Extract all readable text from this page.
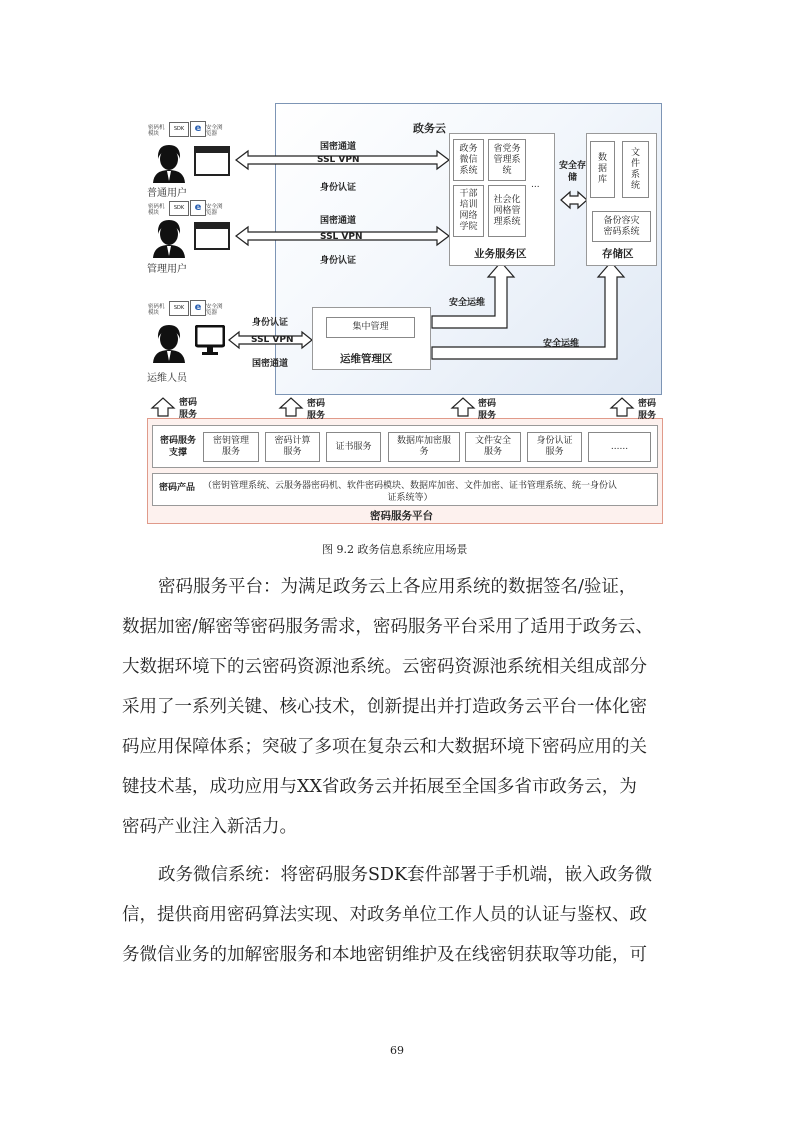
政务云
密码机
模块
SDK	e 安全浏
览器
普通用户
密码机
模块
SDK	e 安全浏
览器
管理用户
密码机
模块
SDK	e 安全浏
览器
运维人员
国密通道
SSL VPN
身份认证
国密通道
SSL VPN
身份认证
身份认证
SSL VPN
国密通道
政务
微信
系统
省党务
管理系
统
干部
培训
网络
学院
社会化
网格管
理系统
...
业务服务区
安全存
储
数
据
库
文
件
系
统
备份容灾
密码系统
存储区
集中管理
运维管理区
安全运维
安全运维
密码
服务
密码
服务
密码
服务
密码
服务
密码服务
支撑
密钥管理
服务
密码计算
服务
证书服务
数据库加密服
务
文件安全
服务
身份认证
服务
......
密码产品 （密钥管理系统、云服务器密码机、软件密码模块、数据库加密、文件加密、证书管理系统、统一身份认
证系统等）
密码服务平台
图 9.2 政务信息系统应用场景
密码服务平台：为满足政务云上各应用系统的数据签名/验证，
数据加密/解密等密码服务需求，密码服务平台采用了适用于政务云、
大数据环境下的云密码资源池系统。云密码资源池系统相关组成部分
采用了一系列关键、核心技术，创新提出并打造政务云平台一体化密
码应用保障体系；突破了多项在复杂云和大数据环境下密码应用的关
键技术基，成功应用与XX省政务云并拓展至全国多省市政务云，为
密码产业注入新活力。
政务微信系统：将密码服务SDK套件部署于手机端，嵌入政务微
信，提供商用密码算法实现、对政务单位工作人员的认证与鉴权、政
务微信业务的加解密服务和本地密钥维护及在线密钥获取等功能，可
69
